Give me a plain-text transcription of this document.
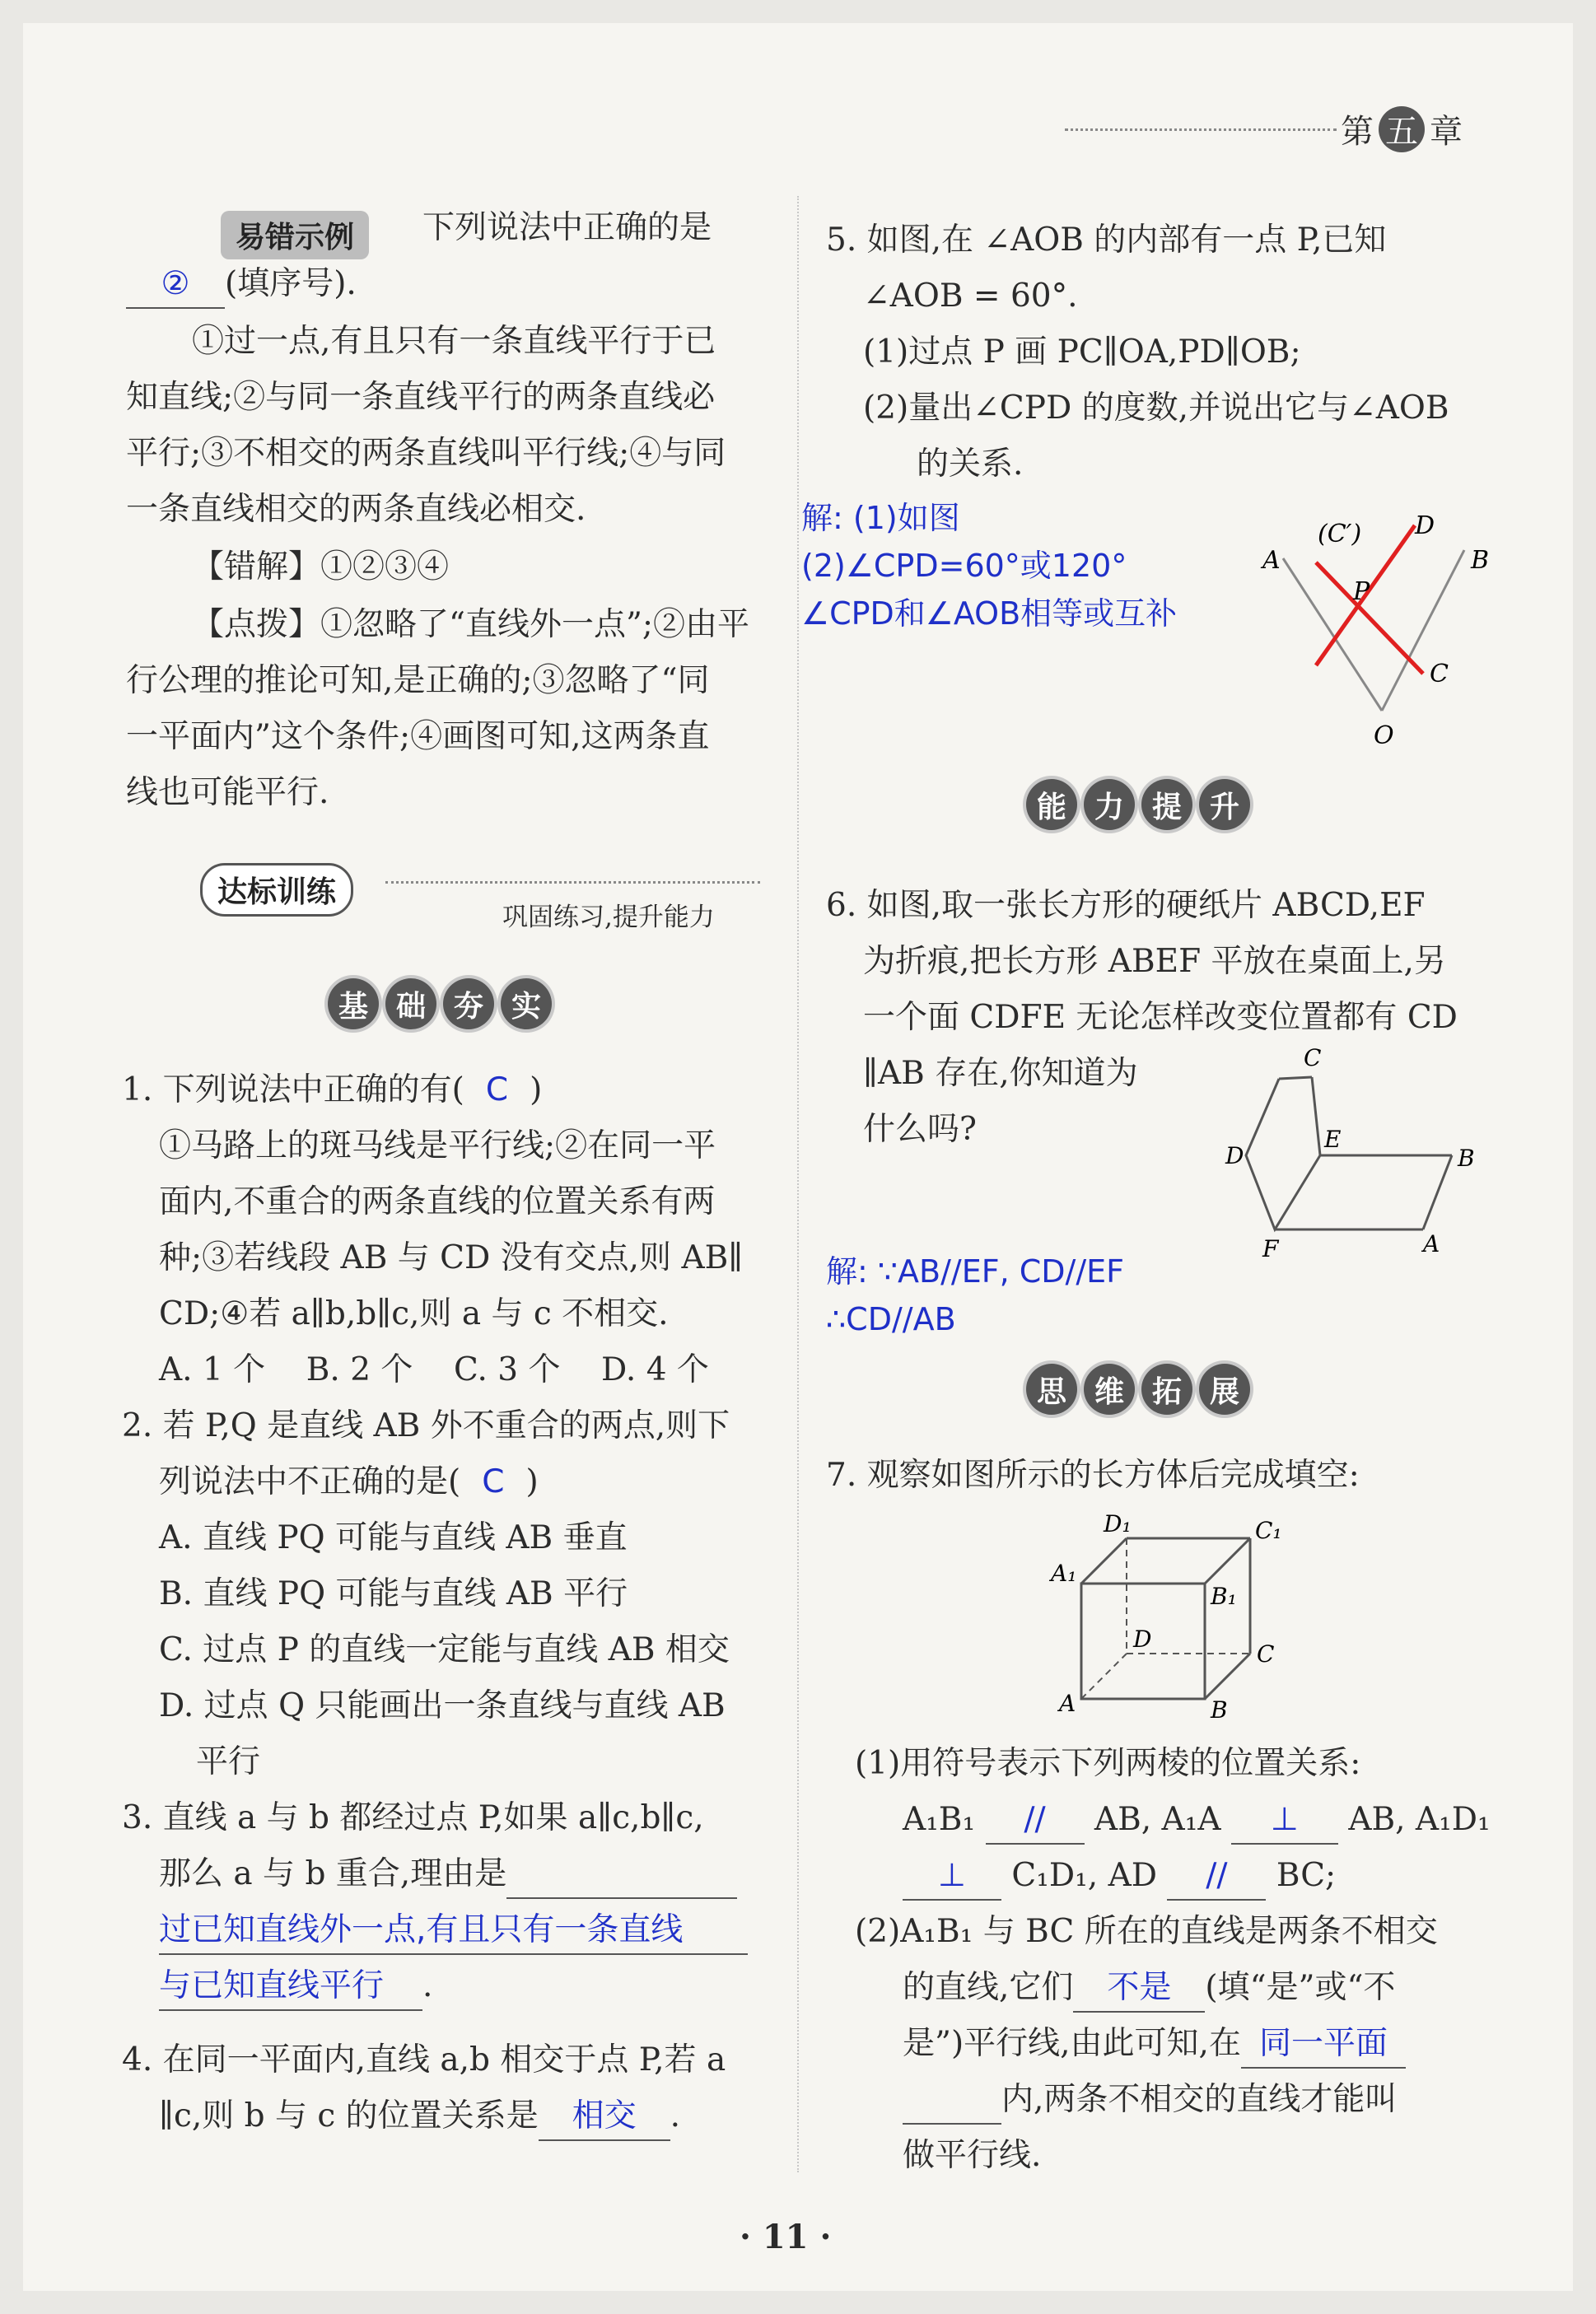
第 五 章
易错示例	下列说法中正确的是
② (填序号).
①过一点,有且只有一条直线平行于已
知直线;②与同一条直线平行的两条直线必
平行;③不相交的两条直线叫平行线;④与同
一条直线相交的两条直线必相交.
【错解】①②③④
【点拨】①忽略了“直线外一点”;②由平
行公理的推论可知,是正确的;③忽略了“同
一平面内”这个条件;④画图可知,这两条直
线也可能平行.
达标训练
巩固练习,提升能力
基 础 夯 实
1. 下列说法中正确的有( C )
①马路上的斑马线是平行线;②在同一平
面内,不重合的两条直线的位置关系有两
种;③若线段 AB 与 CD 没有交点,则 AB∥
CD;④若 a∥b,b∥c,则 a 与 c 不相交.
A. 1 个    B. 2 个    C. 3 个    D. 4 个
2. 若 P,Q 是直线 AB 外不重合的两点,则下
列说法中不正确的是( C )
A. 直线 PQ 可能与直线 AB 垂直
B. 直线 PQ 可能与直线 AB 平行
C. 过点 P 的直线一定能与直线 AB 相交
D. 过点 Q 只能画出一条直线与直线 AB
平行
3. 直线 a 与 b 都经过点 P,如果 a∥c,b∥c,
那么 a 与 b 重合,理由是
过已知直线外一点,有且只有一条直线
与已知直线平行 .
4. 在同一平面内,直线 a,b 相交于点 P,若 a
∥c,则 b 与 c 的位置关系是 相交 .
5. 如图,在 ∠AOB 的内部有一点 P,已知
∠AOB = 60°.
(1)过点 P 画 PC∥OA,PD∥OB;
(2)量出∠CPD 的度数,并说出它与∠AOB
的关系.
解: (1)如图
(2)∠CPD=60°或120°
∠CPD和∠AOB相等或互补
A	B
O
P
C
D
(C′)
能 力 提 升
6. 如图,取一张长方形的硬纸片 ABCD,EF
为折痕,把长方形 ABEF 平放在桌面上,另
一个面 CDFE 无论怎样改变位置都有 CD
∥AB 存在,你知道为
什么吗?
C
D
E
B
F	A
解: ∵AB//EF, CD//EF
∴CD//AB
思 维 拓 展
7. 观察如图所示的长方体后完成填空:
D₁	C₁
A₁
B₁
D
C
A	B
(1)用符号表示下列两棱的位置关系:
A₁B₁ // AB, A₁A ⊥ AB, A₁D₁
⊥ C₁D₁, AD // BC;
(2)A₁B₁ 与 BC 所在的直线是两条不相交
的直线,它们 不是 (填“是”或“不
是”)平行线,由此可知,在 同一平面
内,两条不相交的直线才能叫
做平行线.
· 11 ·
